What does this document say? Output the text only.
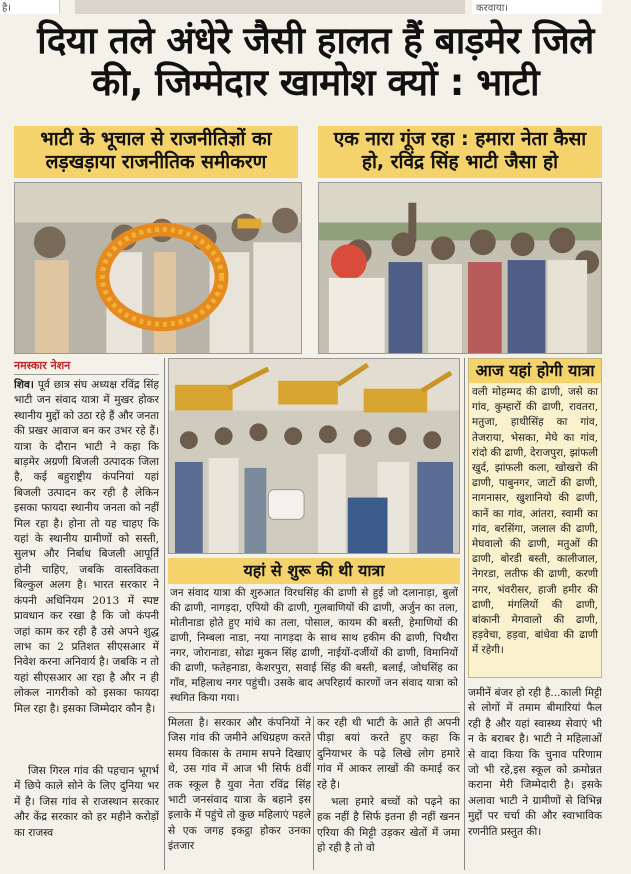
है।	करवाया।
दिया तले अंधेरे जैसी हालत हैं बाड़मेर जिले
की, जिम्मेदार खामोश क्यों : भाटी
भाटी के भूचाल से राजनीतिज्ञों का
लड़खड़ाया राजनीतिक समीकरण
एक नारा गूंज रहा : हमारा नेता कैसा
हो, रविंद्र सिंह भाटी जैसा हो
नमस्कार नेशन
शिव। पूर्व छात्र संघ अध्यक्ष रविंद्र सिंह भाटी जन संवाद यात्रा में मुखर होकर स्थानीय मुद्दों को उठा रहे हैं और जनता की प्रखर आवाज बन कर उभर रहे हैं। यात्रा के दौरान भाटी ने कहा कि बाड़मेर अग्रणी बिजली उत्पादक जिला है, कई बहुराष्ट्रीय कंपनियां यहां बिजली उत्पादन कर रही है लेकिन इसका फायदा स्थानीय जनता को नहीं मिल रहा है। होना तो यह चाहए कि यहां के स्थानीय ग्रामीणों को सस्ती, सुलभ और निर्बाध बिजली आपूर्ति होनी चाहिए, जबकि वास्तविकता बिल्कुल अलग है। भारत सरकार ने कंपनी अधिनियम 2013 में स्पष्ट प्रावधान कर रखा है कि जो कंपनी जहां काम कर रही है उसे अपने शुद्ध लाभ का 2 प्रतिशत सीएसआर में निवेश करना अनिवार्य है। जबकि न तो यहां सीएसआर आ रहा है और न ही लोकल नागरीको को इसका फायदा मिल रहा है। इसका जिम्मेदार कौन है।
जिस गिरल गांव की पहचान भूगर्भ में छिपे काले सोने के लिए दुनिया भर में है। जिस गांव से राजस्थान सरकार और केंद्र सरकार को हर महीने करोड़ों का राजस्व
यहां से शुरू की थी यात्रा
जन संवाद यात्रा की शुरुआत विरधसिंह की ढाणी से हुई जो दलानाड़ा, बुलों की ढाणी, नागड़दा, एपियो की ढाणी, गुलबाणियों की ढाणी, अर्जुन का तला, मोतीनाडा होते हुए मांधे का तला, पोसाल, कायम की बस्ती, हेमाणियों की ढाणी, निम्बला नाडा, नया नागड़दा के साथ साथ हकीम की ढाणी, पिथौरा नगर, जोरानाडा, सोढा मुकन सिंह ढाणी, नाईयों-दर्जीयों की ढाणी, विमानियों की ढाणी, फतेहनाडा, केशरपुरा, सवाई सिंह की बस्ती, बलाई, जोधसिंह का गाँव, महिलाथ नगर पहुंची। उसके बाद अपरिहार्य कारणों जन संवाद यात्रा को स्थगित किया गया।
मिलता है। सरकार और कंपनियों ने जिस गांव की जमीने अधिग्रहण करते समय विकास के तमाम सपने दिखाए थे, उस गांव में आज भी सिर्फ 8वीं तक स्कूल है युवा नेता रविंद्र सिंह भाटी जनसंवाद यात्रा के बहाने इस इलाके में पहुंचे तो कुछ महिलाएं पहले से एक जगह इकट्ठा होकर उनका इंतजार
कर रही थी भाटी के आते ही अपनी पीड़ा बयां करते हुए कहा कि दुनियाभर के पढ़े लिखे लोग हमारे गांव में आकर लाखों की कमाई कर रहे है।
भला हमारे बच्चों को पढ़ने का हक नहीं है सिर्फ इतना ही नहीं खनन एरिया की मिट्टी उड़कर खेतों में जमा हो रही है तो वो
आज यहां होगी यात्रा
वली मोहम्मद की ढाणी, जसे का गांव, कुम्हारों की ढाणी, रावतरा, मतुजा, हाथीसिंह का गांव, तेजराया, भेसका, मेघे का गांव, रांदो की ढाणी, देराजपुरा, झांफली खुर्द, झांफली कला, खोखरो की ढाणी, पाबुनगर, जाटों की ढाणी, नागनासर, खुशानियो की ढाणी, कानें का गांव, आंतरा, स्वामी का गांव, बरसिंगा, जलाल की ढाणी, मेघवालो की ढाणी, मतुओं की ढाणी, बोरडी बस्ती, कालीजाल, नेगरडा, लतीफ की ढाणी, करणी नगर, भंवरीसर, हाजी हमीर की ढाणी, मंगलियों की ढाणी, बांकानी मेगवालो की ढाणी, हड़वेचा, हड़वा, बांधेवा की ढाणी में रहेगी।
जमीनें बंजर हो रही है...काली मिट्टी से लोगों में तमाम बीमारियां फैल रही है और यहां स्वास्थ्य सेवाएं भी न के बराबर है। भाटी ने महिलाओं से वादा किया कि चुनाव परिणाम जो भी रहे,इस स्कूल को क्रमोन्नत कराना मेरी जिम्मेदारी है। इसके अलावा भाटी ने ग्रामीणों से विभिन्न मुद्दों पर चर्चा की और स्वाभाविक रणनीति प्रस्तुत की।
